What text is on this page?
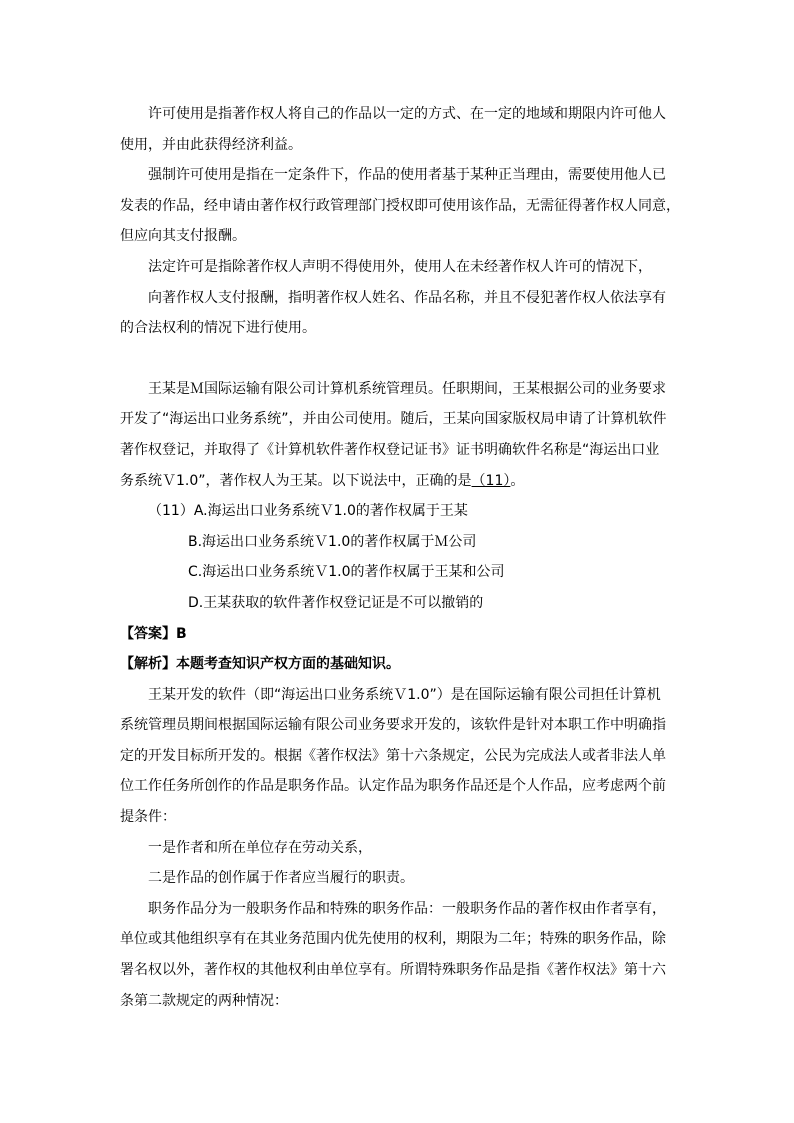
许可使用是指著作权人将自己的作品以一定的方式、在一定的地域和期限内许可他人

使用，并由此获得经济利益。

强制许可使用是指在一定条件下，作品的使用者基于某种正当理由，需要使用他人已

发表的作品，经申请由著作权行政管理部门授权即可使用该作品，无需征得著作权人同意，

但应向其支付报酬。

法定许可是指除著作权人声明不得使用外，使用人在未经著作权人许可的情况下，

向著作权人支付报酬，指明著作权人姓名、作品名称，并且不侵犯著作权人依法享有

的合法权利的情况下进行使用。

王某是Ｍ国际运输有限公司计算机系统管理员。任职期间，王某根据公司的业务要求

开发了“海运出口业务系统”，并由公司使用。随后，王某向国家版权局申请了计算机软件

著作权登记，并取得了《计算机软件著作权登记证书》证书明确软件名称是“海运出口业

务系统Ｖ1.0”，著作权人为王某。以下说法中，正确的是（11）。

（11）A.海运出口业务系统Ｖ1.0的著作权属于王某

B.海运出口业务系统Ｖ1.0的著作权属于Ｍ公司

C.海运出口业务系统Ｖ1.0的著作权属于王某和公司

D.王某获取的软件著作权登记证是不可以撤销的

【答案】B

【解析】本题考查知识产权方面的基础知识。

王某开发的软件（即“海运出口业务系统Ｖ1.0”）是在国际运输有限公司担任计算机

系统管理员期间根据国际运输有限公司业务要求开发的，该软件是针对本职工作中明确指

定的开发目标所开发的。根据《著作权法》第十六条规定，公民为完成法人或者非法人单

位工作任务所创作的作品是职务作品。认定作品为职务作品还是个人作品，应考虑两个前

提条件：

一是作者和所在单位存在劳动关系，

二是作品的创作属于作者应当履行的职责。

职务作品分为一般职务作品和特殊的职务作品：一般职务作品的著作权由作者享有，

单位或其他组织享有在其业务范围内优先使用的权利，期限为二年；特殊的职务作品，除

署名权以外，著作权的其他权利由单位享有。所谓特殊职务作品是指《著作权法》第十六

条第二款规定的两种情况：
